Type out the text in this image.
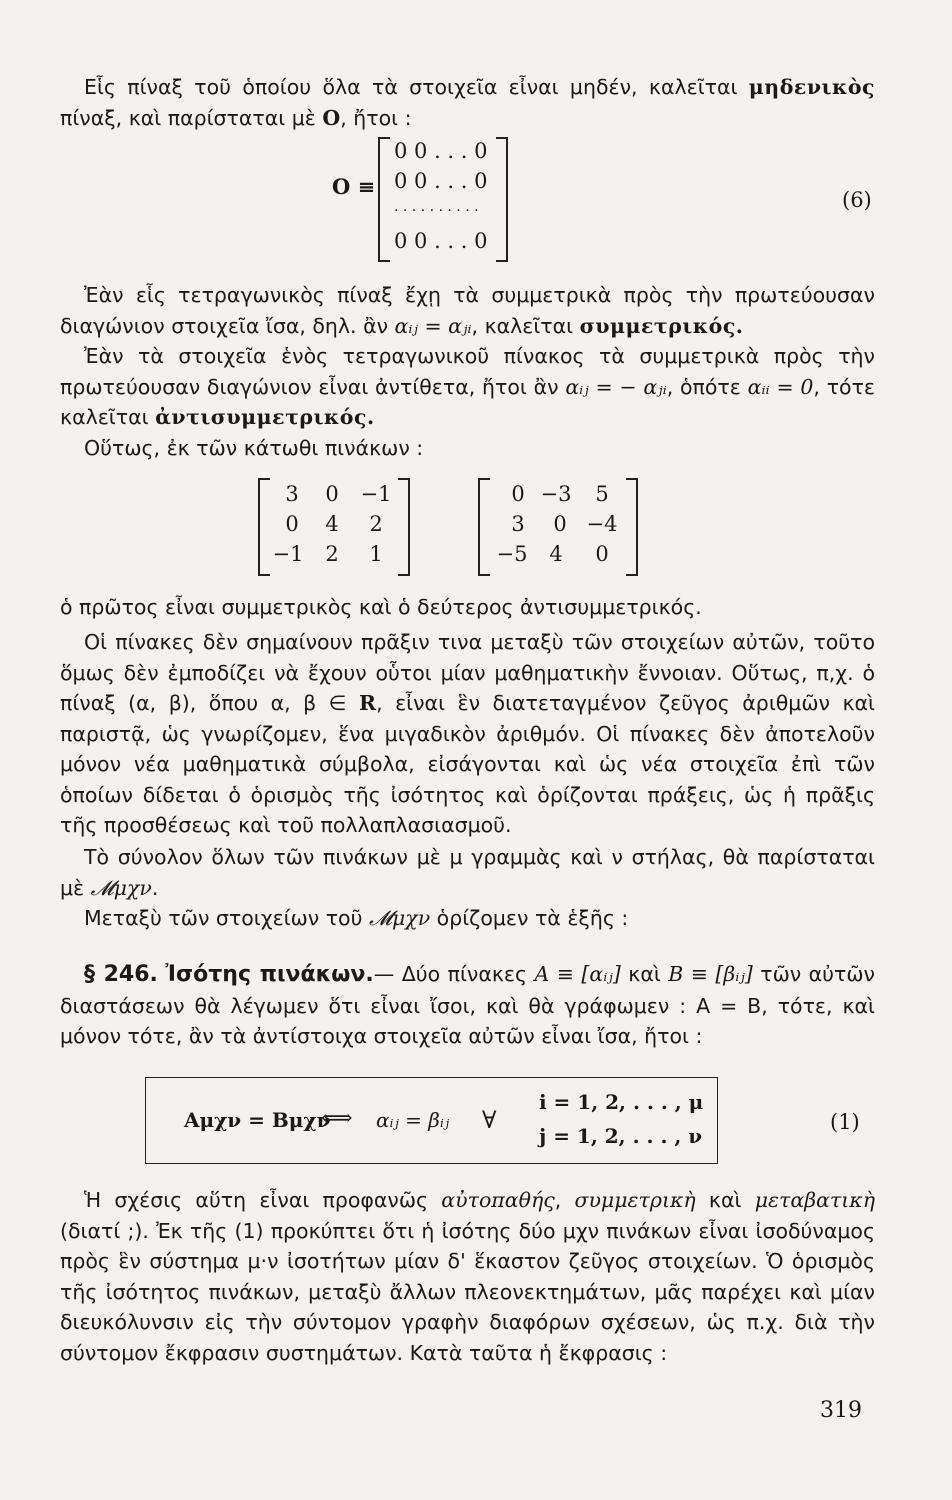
Εἷς πίναξ τοῦ ὁποίου ὅλα τὰ στοιχεῖα εἶναι μηδέν, καλεῖται μηδενικὸς πίναξ, καὶ παρίσταται μὲ O, ἤτοι :

O ≡
0 0 . . . 0
0 0 . . . 0
. . . . . . . . . .
0 0 . . . 0
(6)

Ἐὰν εἷς τετραγωνικὸς πίναξ ἔχῃ τὰ συμμετρικὰ πρὸς τὴν πρωτεύουσαν διαγώνιον στοιχεῖα ἴσα, δηλ. ἂν αᵢⱼ = αⱼᵢ, καλεῖται συμμετρικός.

Ἐὰν τὰ στοιχεῖα ἑνὸς τετραγωνικοῦ πίνακος τὰ συμμετρικὰ πρὸς τὴν πρωτεύουσαν διαγώνιον εἶναι ἀντίθετα, ἤτοι ἂν αᵢⱼ = − αⱼᵢ, ὁπότε αᵢᵢ = 0, τότε καλεῖται ἀντισυμμετρικός.

Οὕτως, ἐκ τῶν κάτωθι πινάκων :

3	0	−1
0	4	2
−1	2	1
0 −3	5
3	0 −4
−5	4	0

ὁ πρῶτος εἶναι συμμετρικὸς καὶ ὁ δεύτερος ἀντισυμμετρικός.

Οἱ πίνακες δὲν σημαίνουν πρᾶξιν τινα μεταξὺ τῶν στοιχείων αὐτῶν, τοῦτο ὅμως δὲν ἐμποδίζει νὰ ἔχουν οὗτοι μίαν μαθηματικὴν ἔννοιαν. Οὕτως, π,χ. ὁ πίναξ (α, β), ὅπου α, β ∈ R, εἶναι ἓν διατεταγμένον ζεῦγος ἀριθμῶν καὶ παριστᾷ, ὡς γνωρίζομεν, ἕνα μιγαδικὸν ἀριθμόν. Οἱ πίνακες δὲν ἀποτελοῦν μόνον νέα μαθηματικὰ σύμβολα, εἰσάγονται καὶ ὡς νέα στοιχεῖα ἐπὶ τῶν ὁποίων δίδεται ὁ ὁρισμὸς τῆς ἰσότητος καὶ ὁρίζονται πράξεις, ὡς ἡ πρᾶξις τῆς προσθέσεως καὶ τοῦ πολλαπλασιασμοῦ.

Τὸ σύνολον ὅλων τῶν πινάκων μὲ μ γραμμὰς καὶ ν στήλας, θὰ παρίσταται μὲ 𝓜μχν.

Μεταξὺ τῶν στοιχείων τοῦ 𝓜μχν ὁρίζομεν τὰ ἑξῆς :

§ 246. Ἰσότης πινάκων.— Δύο πίνακες A ≡ [αᵢⱼ] καὶ B ≡ [βᵢⱼ] τῶν αὐτῶν διαστάσεων θὰ λέγωμεν ὅτι εἶναι ἴσοι, καὶ θὰ γράφωμεν : A = B, τότε, καὶ μόνον τότε, ἂν τὰ ἀντίστοιχα στοιχεῖα αὐτῶν εἶναι ἴσα, ἤτοι :

Aμχν = Bμχν
⟺ αᵢⱼ = βᵢⱼ ∀
i = 1, 2, . . . , μ
j = 1, 2, . . . , ν
(1)

Ἡ σχέσις αὕτη εἶναι προφανῶς αὐτοπαθής, συμμετρικὴ καὶ μεταβατικὴ (διατί ;). Ἐκ τῆς (1) προκύπτει ὅτι ἡ ἰσότης δύο μχν πινάκων εἶναι ἰσοδύναμος πρὸς ἓν σύστημα μ·ν ἰσοτήτων μίαν δ' ἕκαστον ζεῦγος στοιχείων. Ὁ ὁρισμὸς τῆς ἰσότητος πινάκων, μεταξὺ ἄλλων πλεονεκτημάτων, μᾶς παρέχει καὶ μίαν διευκόλυνσιν εἰς τὴν σύντομον γραφὴν διαφόρων σχέσεων, ὡς π.χ. διὰ τὴν σύντομον ἔκφρασιν συστημάτων. Κατὰ ταῦτα ἡ ἔκφρασις :

319
